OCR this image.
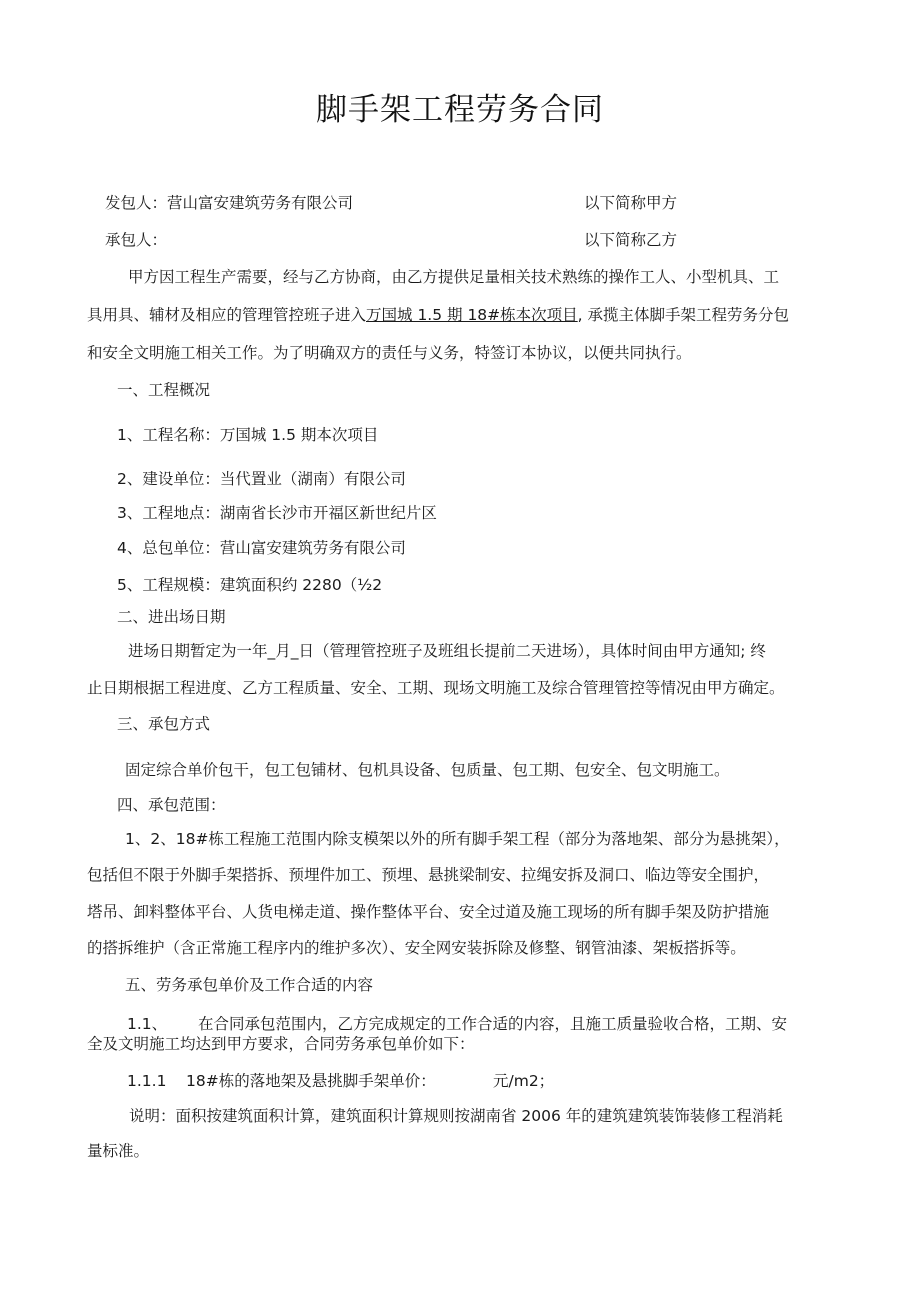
脚手架工程劳务合同
发包人：营山富安建筑劳务有限公司	以下简称甲方
承包人：	以下简称乙方
甲方因工程生产需要，经与乙方协商，由乙方提供足量相关技术熟练的操作工人、小型机具、工
具用具、辅材及相应的管理管控班子进入万国城 1.5 期 18#栋本次项目, 承揽主体脚手架工程劳务分包
和安全文明施工相关工作。为了明确双方的责任与义务，特签订本协议，以便共同执行。
一、工程概况
1、工程名称：万国城 1.5 期本次项目
2、建设单位：当代置业（湖南）有限公司
3、工程地点：湖南省长沙市开福区新世纪片区
4、总包单位：营山富安建筑劳务有限公司
5、工程规模：建筑面积约 2280（½2
二、进出场日期
进场日期暂定为一年_月_日（管理管控班子及班组长提前二天进场），具体时间由甲方通知; 终
止日期根据工程进度、乙方工程质量、安全、工期、现场文明施工及综合管理管控等情况由甲方确定。
三、承包方式
固定综合单价包干，包工包铺材、包机具设备、包质量、包工期、包安全、包文明施工。
四、承包范围：
1、2、18#栋工程施工范围内除支模架以外的所有脚手架工程（部分为落地架、部分为悬挑架），
包括但不限于外脚手架搭拆、预埋件加工、预埋、悬挑梁制安、拉绳安拆及洞口、临边等安全围护，
塔吊、卸料整体平台、人货电梯走道、操作整体平台、安全过道及施工现场的所有脚手架及防护措施
的搭拆维护（含正常施工程序内的维护多次）、安全网安装拆除及修整、钢管油漆、架板搭拆等。
五、劳务承包单价及工作合适的内容
1.1、 在合同承包范围内，乙方完成规定的工作合适的内容，且施工质量验收合格，工期、安
全及文明施工均达到甲方要求，合同劳务承包单价如下：
1.1.1 18#栋的落地架及悬挑脚手架单价：	元/m2；
说明：面积按建筑面积计算，建筑面积计算规则按湖南省 2006 年的建筑建筑装饰装修工程消耗
量标准。
